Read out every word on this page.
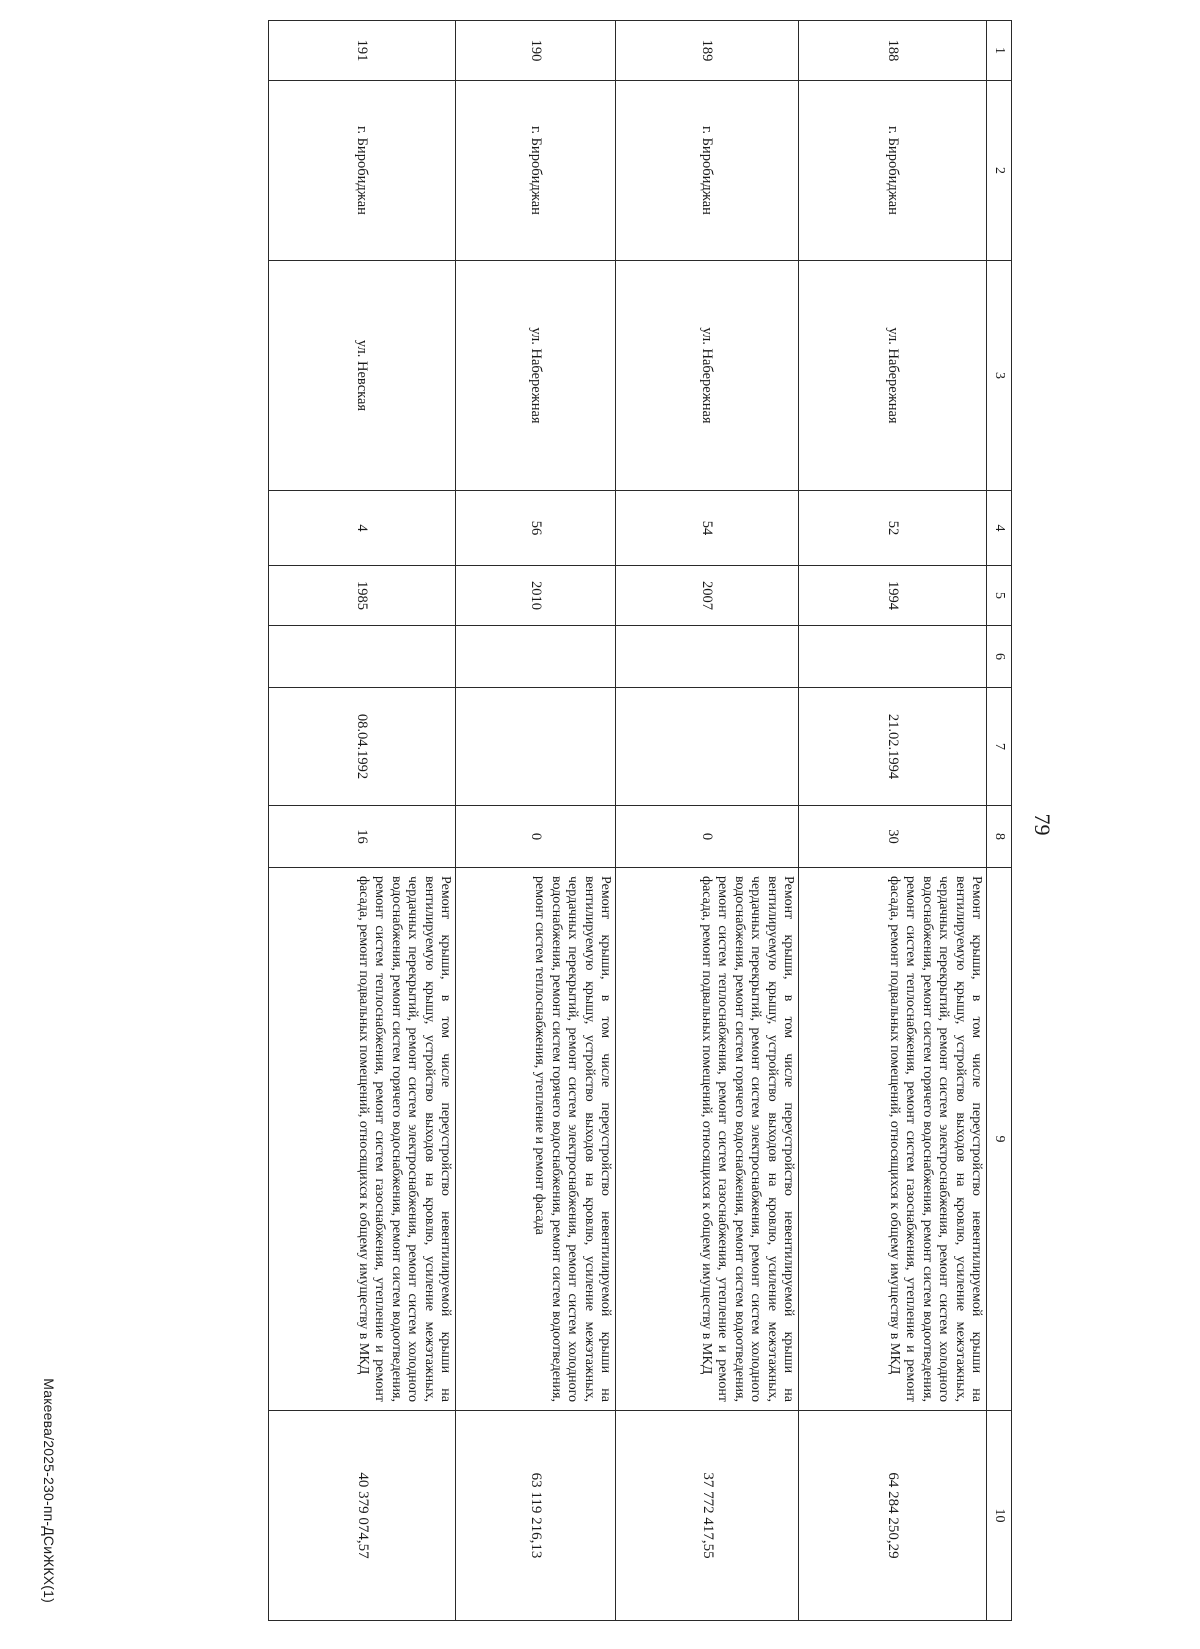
79
1	2	3	4	5	6	7	8	9	10
188	г. Биробиджан	ул. Набережная	52	1994		21.02.1994	30	Ремонт крыши, в том числе переустройство невентилируемой крыши на вентилируемую крышу, устройство выходов на кровлю, усиление межэтажных, чердачных перекрытий, ремонт систем электроснабжения, ремонт систем холодного водоснабжения, ремонт систем горячего водоснабжения, ремонт систем водоотведения, ремонт систем теплоснабжения, ремонт систем газоснабжения, утепление и ремонт фасада, ремонт подвальных помещений, относящихся к общему имуществу в МКД	64 284 250,29
189	г. Биробиджан	ул. Набережная	54	2007			0	Ремонт крыши, в том числе переустройство невентилируемой крыши на вентилируемую крышу, устройство выходов на кровлю, усиление межэтажных, чердачных перекрытий, ремонт систем электроснабжения, ремонт систем холодного водоснабжения, ремонт систем горячего водоснабжения, ремонт систем водоотведения, ремонт систем теплоснабжения, ремонт систем газоснабжения, утепление и ремонт фасада, ремонт подвальных помещений, относящихся к общему имуществу в МКД	37 772 417,55
190	г. Биробиджан	ул. Набережная	56	2010			0	Ремонт крыши, в том числе переустройство невентилируемой крыши на вентилируемую крышу, устройство выходов на кровлю, усиление межэтажных, чердачных перекрытий, ремонт систем электроснабжения, ремонт систем холодного водоснабжения, ремонт систем горячего водоснабжения, ремонт систем водоотведения, ремонт систем теплоснабжения, утепление и ремонт фасада	63 119 216,13
191	г. Биробиджан	ул. Невская	4	1985		08.04.1992	16	Ремонт крыши, в том числе переустройство невентилируемой крыши на вентилируемую крышу, устройство выходов на кровлю, усиление межэтажных, чердачных перекрытий, ремонт систем электроснабжения, ремонт систем холодного водоснабжения, ремонт систем горячего водоснабжения, ремонт систем водоотведения, ремонт систем теплоснабжения, ремонт систем газоснабжения, утепление и ремонт фасада, ремонт подвальных помещений, относящихся к общему имуществу в МКД	40 379 074,57
Макеева/2025-230-пп-ДСиЖКХ(1)
